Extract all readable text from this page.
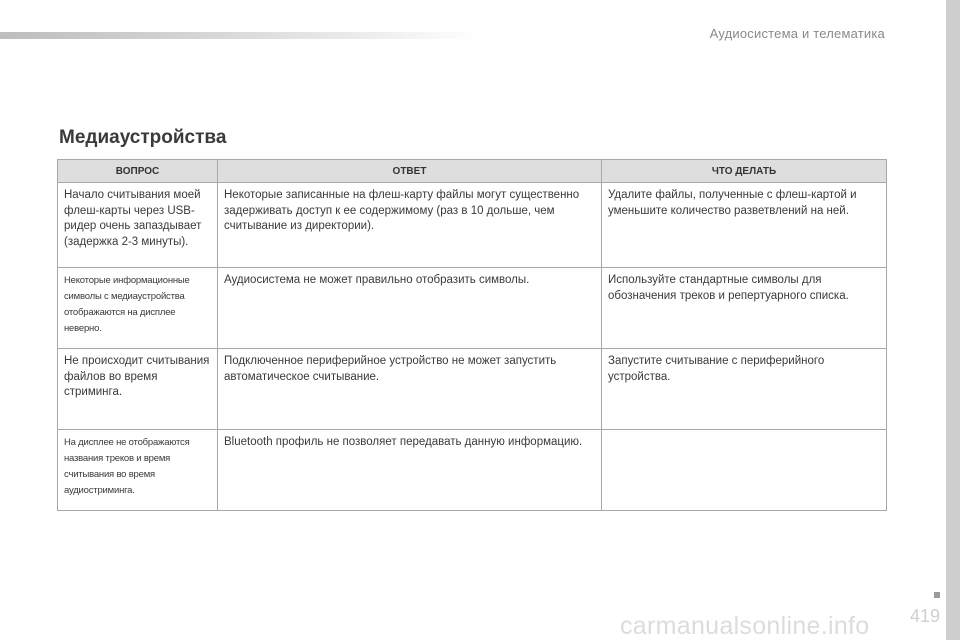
Аудиосистема и телематика
Медиаустройства
ВОПРОС	ОТВЕТ	ЧТО ДЕЛАТЬ
Начало считывания моей флеш-карты через USB-ридер очень запаздывает (задержка 2-3 минуты).	Некоторые записанные на флеш-карту файлы могут существенно задерживать доступ к ее содержимому (раз в 10 дольше, чем считывание из директории).	Удалите файлы, полученные с флеш-картой и уменьшите количество разветвлений на ней.
Некоторые информационные символы с медиаустройства отображаются на дисплее неверно.	Аудиосистема не может правильно отобразить символы.	Используйте стандартные символы для обозначения треков и репертуарного списка.
Не происходит считывания файлов во время стриминга.	Подключенное периферийное устройство не может запустить автоматическое считывание.	Запустите считывание с периферийного устройства.
На дисплее не отображаются названия треков и время считывания во время аудиостриминга.	Bluetooth профиль не позволяет передавать данную информацию.	
419
carmanualsonline.info
